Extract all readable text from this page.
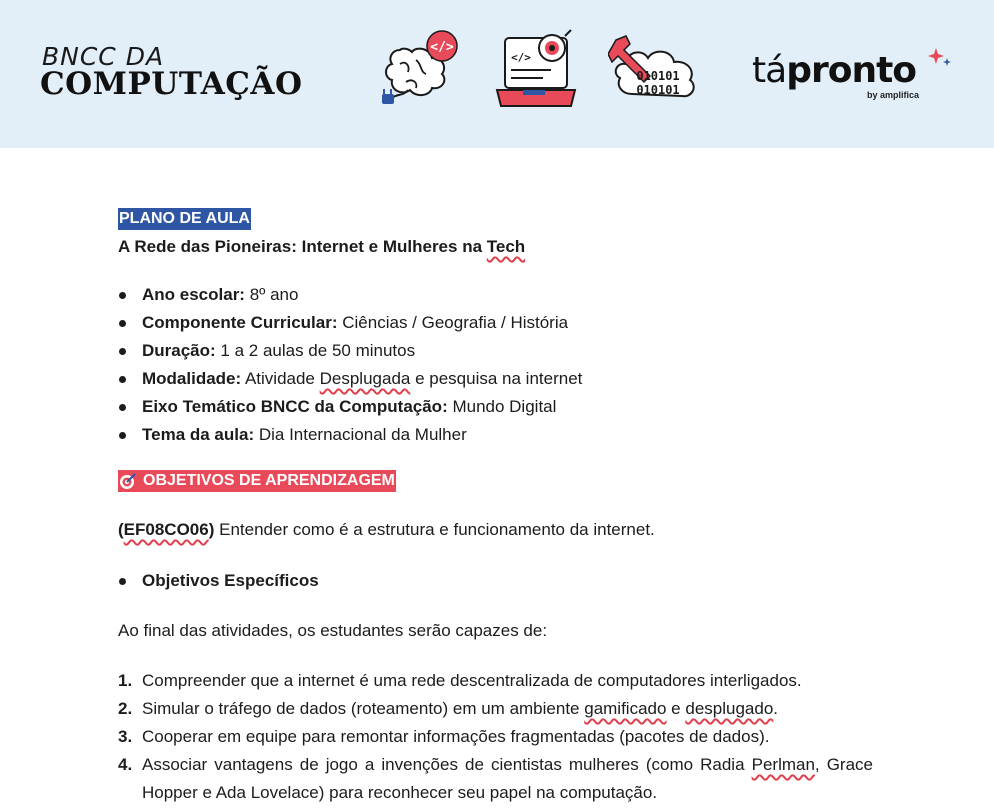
BNCC DA
COMPUTAÇÃO
</>
</>
010101
010101 tápronto
by amplifica
PLANO DE AULA
A Rede das Pioneiras: Internet e Mulheres na Tech
Ano escolar: 8º ano
Componente Curricular: Ciências / Geografia / História
Duração: 1 a 2 aulas de 50 minutos
Modalidade: Atividade Desplugada e pesquisa na internet
Eixo Temático BNCC da Computação: Mundo Digital
Tema da aula: Dia Internacional da Mulher
OBJETIVOS DE APRENDIZAGEM
(EF08CO06) Entender como é a estrutura e funcionamento da internet.
Objetivos Específicos
Ao final das atividades, os estudantes serão capazes de:
1. Compreender que a internet é uma rede descentralizada de computadores interligados.
2. Simular o tráfego de dados (roteamento) em um ambiente gamificado e desplugado.
3. Cooperar em equipe para remontar informações fragmentadas (pacotes de dados).
4. Associar vantagens de jogo a invenções de cientistas mulheres (como Radia Perlman, Grace Hopper e Ada Lovelace) para reconhecer seu papel na computação.
